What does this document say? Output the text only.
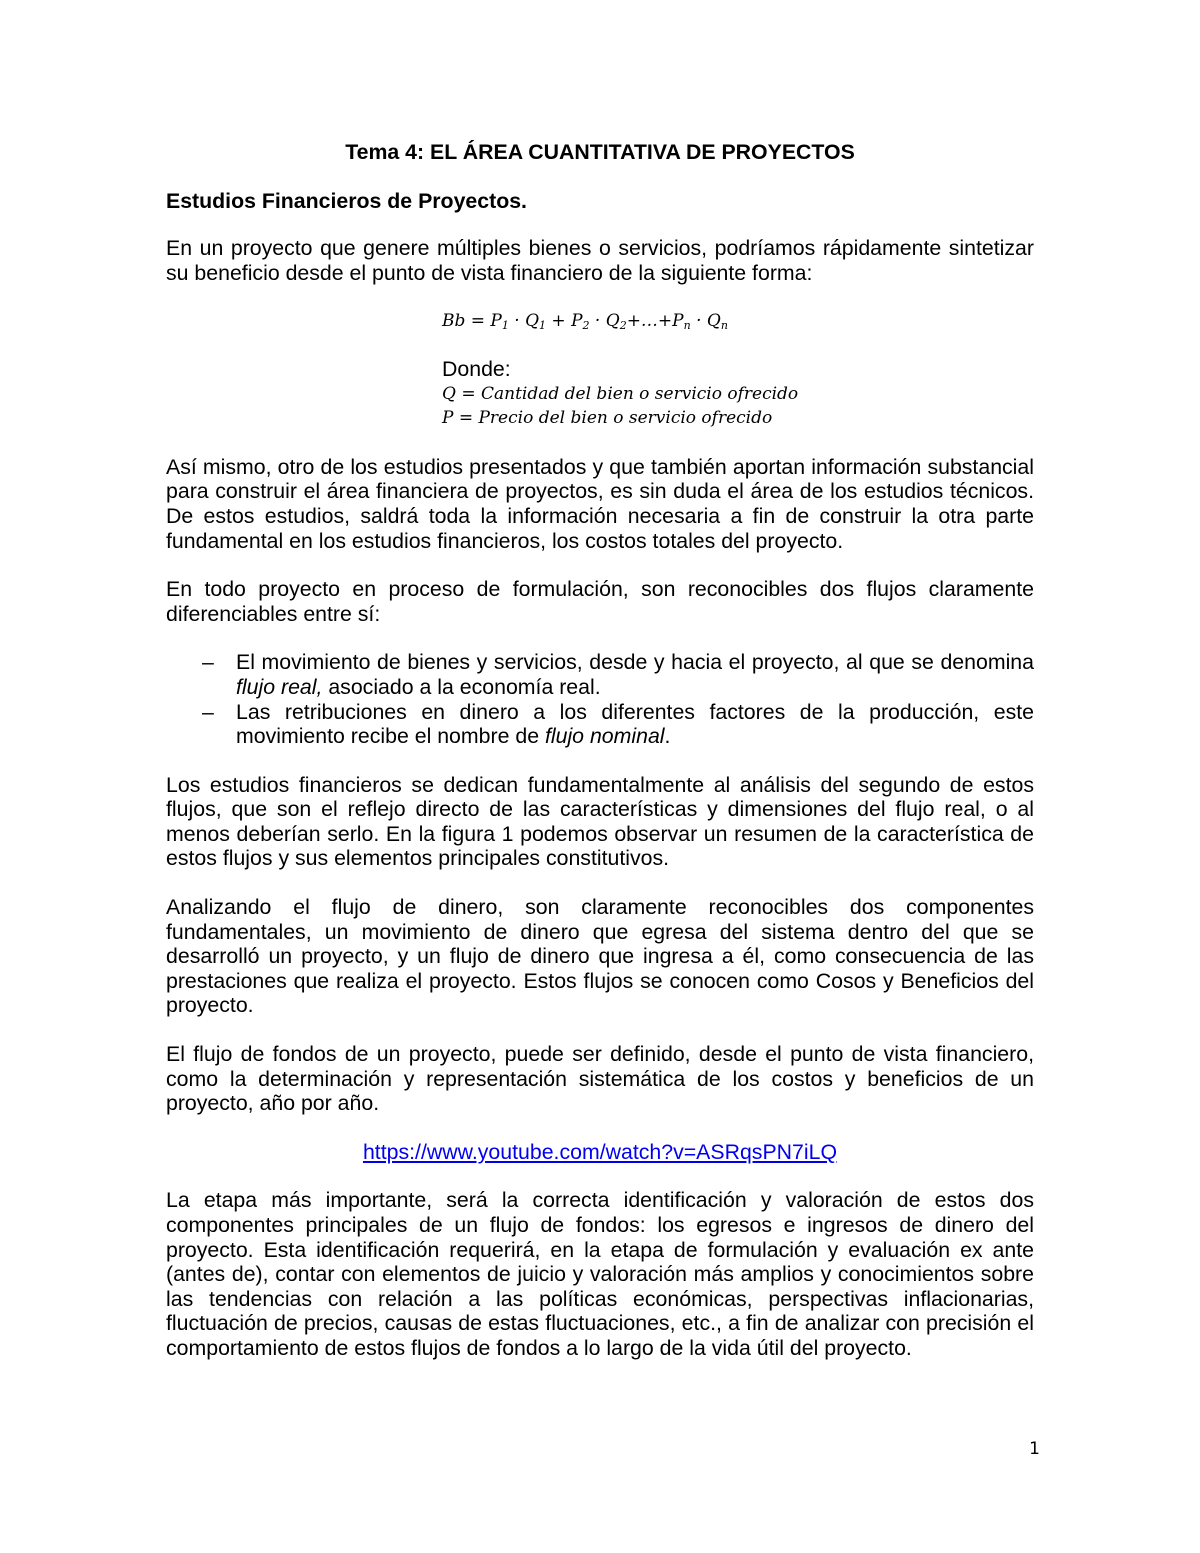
Tema 4: EL ÁREA CUANTITATIVA DE PROYECTOS
Estudios Financieros de Proyectos.

En un proyecto que genere múltiples bienes o servicios, podríamos rápidamente sintetizar su beneficio desde el punto de vista financiero de la siguiente forma:

$Bb = P_1 \cdot Q_1 + P_2$ · $Q_2+\dots+P_n \cdot Q_n$
Donde:
Q = Cantidad del bien o servicio ofrecido
P = Precio del bien o servicio ofrecido

Así mismo, otro de los estudios presentados y que también aportan información substancial para construir el área financiera de proyectos, es sin duda el área de los estudios técnicos. De estos estudios, saldrá toda la información necesaria a fin de construir la otra parte fundamental en los estudios financieros, los costos totales del proyecto.

En todo proyecto en proceso de formulación, son reconocibles dos flujos claramente diferenciables entre sí:

– El movimiento de bienes y servicios, desde y hacia el proyecto, al que se denomina flujo real, asociado a la economía real.
– Las retribuciones en dinero a los diferentes factores de la producción, este movimiento recibe el nombre de flujo nominal.

Los estudios financieros se dedican fundamentalmente al análisis del segundo de estos flujos, que son el reflejo directo de las características y dimensiones del flujo real, o al menos deberían serlo. En la figura 1 podemos observar un resumen de la característica de estos flujos y sus elementos principales constitutivos.

Analizando el flujo de dinero, son claramente reconocibles dos componentes fundamentales, un movimiento de dinero que egresa del sistema dentro del que se desarrolló un proyecto, y un flujo de dinero que ingresa a él, como consecuencia de las prestaciones que realiza el proyecto. Estos flujos se conocen como Cosos y Beneficios del proyecto.

El flujo de fondos de un proyecto, puede ser definido, desde el punto de vista financiero, como la determinación y representación sistemática de los costos y beneficios de un proyecto, año por año.

https://www.youtube.com/watch?v=ASRqsPN7iLQ

La etapa más importante, será la correcta identificación y valoración de estos dos componentes principales de un flujo de fondos: los egresos e ingresos de dinero del proyecto. Esta identificación requerirá, en la etapa de formulación y evaluación ex ante (antes de), contar con elementos de juicio y valoración más amplios y conocimientos sobre las tendencias con relación a las políticas económicas, perspectivas inflacionarias, fluctuación de precios, causas de estas fluctuaciones, etc., a fin de analizar con precisión el comportamiento de estos flujos de fondos a lo largo de la vida útil del proyecto.

1
